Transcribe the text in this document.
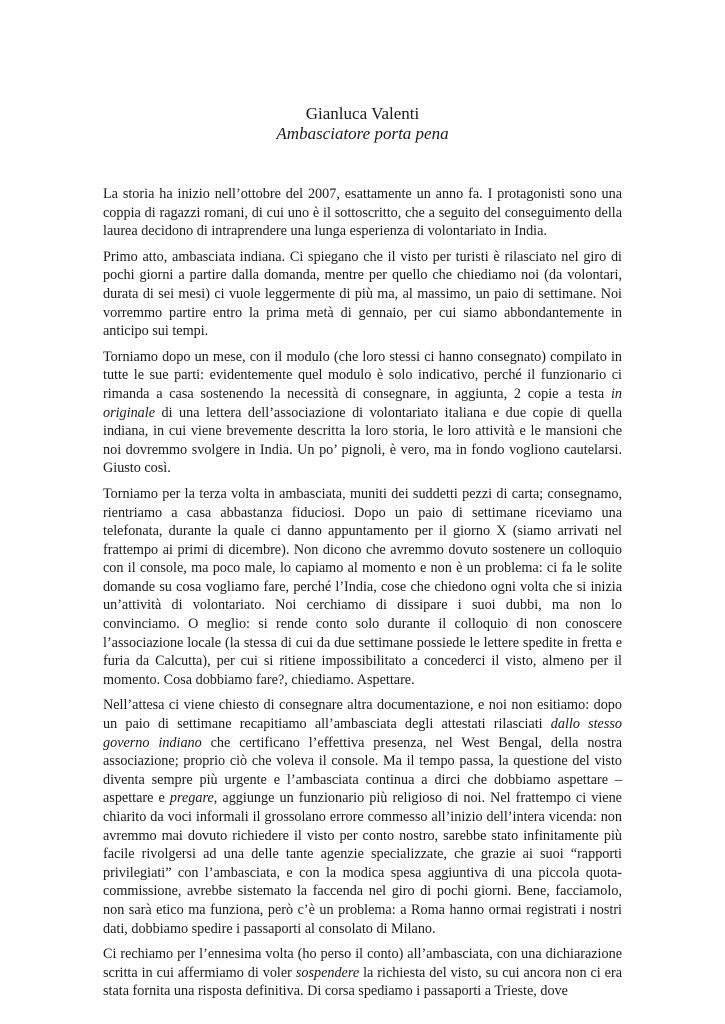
Gianluca Valenti
Ambasciatore porta pena

La storia ha inizio nell’ottobre del 2007, esattamente un anno fa. I protagonisti sono una coppia di ragazzi romani, di cui uno è il sottoscritto, che a seguito del conseguimento della laurea decidono di intraprendere una lunga esperienza di volontariato in India.

Primo atto, ambasciata indiana. Ci spiegano che il visto per turisti è rilasciato nel giro di pochi giorni a partire dalla domanda, mentre per quello che chiediamo noi (da volontari, durata di sei mesi) ci vuole leggermente di più ma, al massimo, un paio di settimane. Noi vorremmo partire entro la prima metà di gennaio, per cui siamo abbondantemente in anticipo sui tempi.

Torniamo dopo un mese, con il modulo (che loro stessi ci hanno consegnato) compilato in tutte le sue parti: evidentemente quel modulo è solo indicativo, perché il funzionario ci rimanda a casa sostenendo la necessità di consegnare, in aggiunta, 2 copie a testa in originale di una lettera dell’associazione di volontariato italiana e due copie di quella indiana, in cui viene brevemente descritta la loro storia, le loro attività e le mansioni che noi dovremmo svolgere in India. Un po’ pignoli, è vero, ma in fondo vogliono cautelarsi. Giusto così.

Torniamo per la terza volta in ambasciata, muniti dei suddetti pezzi di carta; consegnamo, rientriamo a casa abbastanza fiduciosi. Dopo un paio di settimane riceviamo una telefonata, durante la quale ci danno appuntamento per il giorno X (siamo arrivati nel frattempo ai primi di dicembre). Non dicono che avremmo dovuto sostenere un colloquio con il console, ma poco male, lo capiamo al momento e non è un problema: ci fa le solite domande su cosa vogliamo fare, perché l’India, cose che chiedono ogni volta che si inizia un’attività di volontariato. Noi cerchiamo di dissipare i suoi dubbi, ma non lo convinciamo. O meglio: si rende conto solo durante il colloquio di non conoscere l’associazione locale (la stessa di cui da due settimane possiede le lettere spedite in fretta e furia da Calcutta), per cui si ritiene impossibilitato a concederci il visto, almeno per il momento. Cosa dobbiamo fare?, chiediamo. Aspettare.

Nell’attesa ci viene chiesto di consegnare altra documentazione, e noi non esitiamo: dopo un paio di settimane recapitiamo all’ambasciata degli attestati rilasciati dallo stesso governo indiano che certificano l’effettiva presenza, nel West Bengal, della nostra associazione; proprio ciò che voleva il console. Ma il tempo passa, la questione del visto diventa sempre più urgente e l’ambasciata continua a dirci che dobbiamo aspettare – aspettare e pregare, aggiunge un funzionario più religioso di noi. Nel frattempo ci viene chiarito da voci informali il grossolano errore commesso all’inizio dell’intera vicenda: non avremmo mai dovuto richiedere il visto per conto nostro, sarebbe stato infinitamente più facile rivolgersi ad una delle tante agenzie specializzate, che grazie ai suoi “rapporti privilegiati” con l’ambasciata, e con la modica spesa aggiuntiva di una piccola quota-commissione, avrebbe sistemato la faccenda nel giro di pochi giorni. Bene, facciamolo, non sarà etico ma funziona, però c’è un problema: a Roma hanno ormai registrati i nostri dati, dobbiamo spedire i passaporti al consolato di Milano.

Ci rechiamo per l’ennesima volta (ho perso il conto) all’ambasciata, con una dichiarazione scritta in cui affermiamo di voler sospendere la richiesta del visto, su cui ancora non ci era stata fornita una risposta definitiva. Di corsa spediamo i passaporti a Trieste, dove
